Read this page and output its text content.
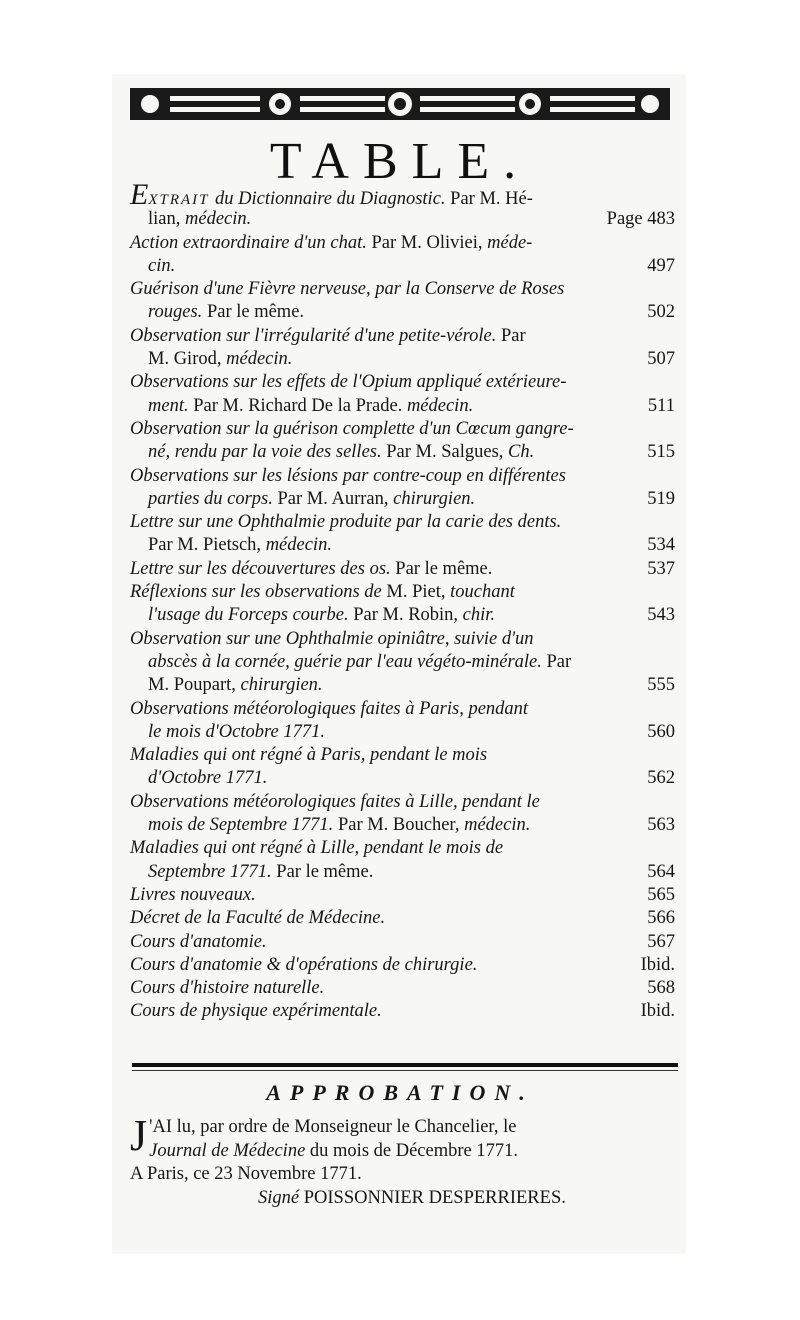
TABLE.
EXTRAIT du Dictionnaire du Diagnostic. Par M. Hé-
lian, médecin.	Page 483
Action extraordinaire d'un chat. Par M. Oliviei, méde-
cin.	497
Guérison d'une Fièvre nerveuse, par la Conserve de Roses
rouges. Par le même.	502
Observation sur l'irrégularité d'une petite-vérole. Par
M. Girod, médecin.	507
Observations sur les effets de l'Opium appliqué extérieure-
ment. Par M. Richard De la Prade. médecin.	511
Observation sur la guérison complette d'un Cœcum gangre-
né, rendu par la voie des selles. Par M. Salgues, Ch.	515
Observations sur les lésions par contre-coup en différentes
parties du corps. Par M. Aurran, chirurgien.	519
Lettre sur une Ophthalmie produite par la carie des dents.
Par M. Pietsch, médecin.	534
Lettre sur les découvertures des os. Par le même.	537
Réflexions sur les observations de M. Piet, touchant
l'usage du Forceps courbe. Par M. Robin, chir.	543
Observation sur une Ophthalmie opiniâtre, suivie d'un
abscès à la cornée, guérie par l'eau végéto-minérale. Par
M. Poupart, chirurgien.	555
Observations météorologiques faites à Paris, pendant
le mois d'Octobre 1771.	560
Maladies qui ont régné à Paris, pendant le mois
d'Octobre 1771.	562
Observations météorologiques faites à Lille, pendant le
mois de Septembre 1771. Par M. Boucher, médecin.	563
Maladies qui ont régné à Lille, pendant le mois de
Septembre 1771. Par le même.	564
Livres nouveaux.	565
Décret de la Faculté de Médecine.	566
Cours d'anatomie.	567
Cours d'anatomie & d'opérations de chirurgie.	Ibid.
Cours d'histoire naturelle.	568
Cours de physique expérimentale.	Ibid.
APPROBATION.
J 'AI lu, par ordre de Monseigneur le Chancelier, le
Journal de Médecine du mois de Décembre 1771.
A Paris, ce 23 Novembre 1771.
Signé POISSONNIER DESPERRIERES.
